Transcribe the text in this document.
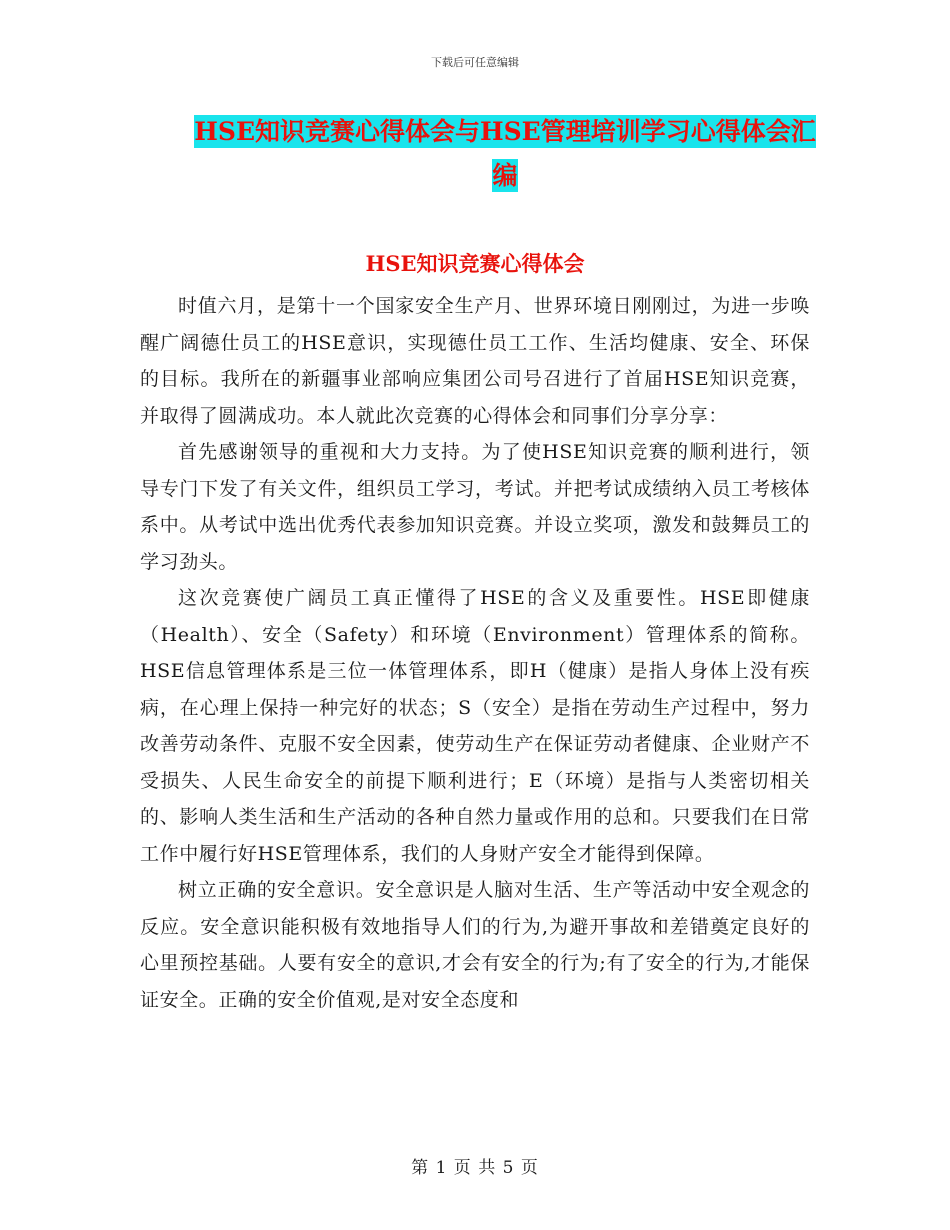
下载后可任意编辑
HSE知识竞赛心得体会与HSE管理培训学习心得体会汇编
HSE知识竞赛心得体会

时值六月，是第十一个国家安全生产月、世界环境日刚刚过，为进一步唤醒广阔德仕员工的HSE意识，实现德仕员工工作、生活均健康、安全、环保的目标。我所在的新疆事业部响应集团公司号召进行了首届HSE知识竞赛，并取得了圆满成功。本人就此次竞赛的心得体会和同事们分享分享：

首先感谢领导的重视和大力支持。为了使HSE知识竞赛的顺利进行，领导专门下发了有关文件，组织员工学习，考试。并把考试成绩纳入员工考核体系中。从考试中选出优秀代表参加知识竞赛。并设立奖项，激发和鼓舞员工的学习劲头。

这次竞赛使广阔员工真正懂得了HSE的含义及重要性。HSE即健康（Health）、安全（Safety）和环境（Environment）管理体系的简称。HSE信息管理体系是三位一体管理体系，即H（健康）是指人身体上没有疾病，在心理上保持一种完好的状态；S（安全）是指在劳动生产过程中，努力改善劳动条件、克服不安全因素，使劳动生产在保证劳动者健康、企业财产不受损失、人民生命安全的前提下顺利进行；E（环境）是指与人类密切相关的、影响人类生活和生产活动的各种自然力量或作用的总和。只要我们在日常工作中履行好HSE管理体系，我们的人身财产安全才能得到保障。

树立正确的安全意识。安全意识是人脑对生活、生产等活动中安全观念的反应。安全意识能积极有效地指导人们的行为,为避开事故和差错奠定良好的心里预控基础。人要有安全的意识,才会有安全的行为;有了安全的行为,才能保证安全。正确的安全价值观,是对安全态度和

第 1 页 共 5 页
